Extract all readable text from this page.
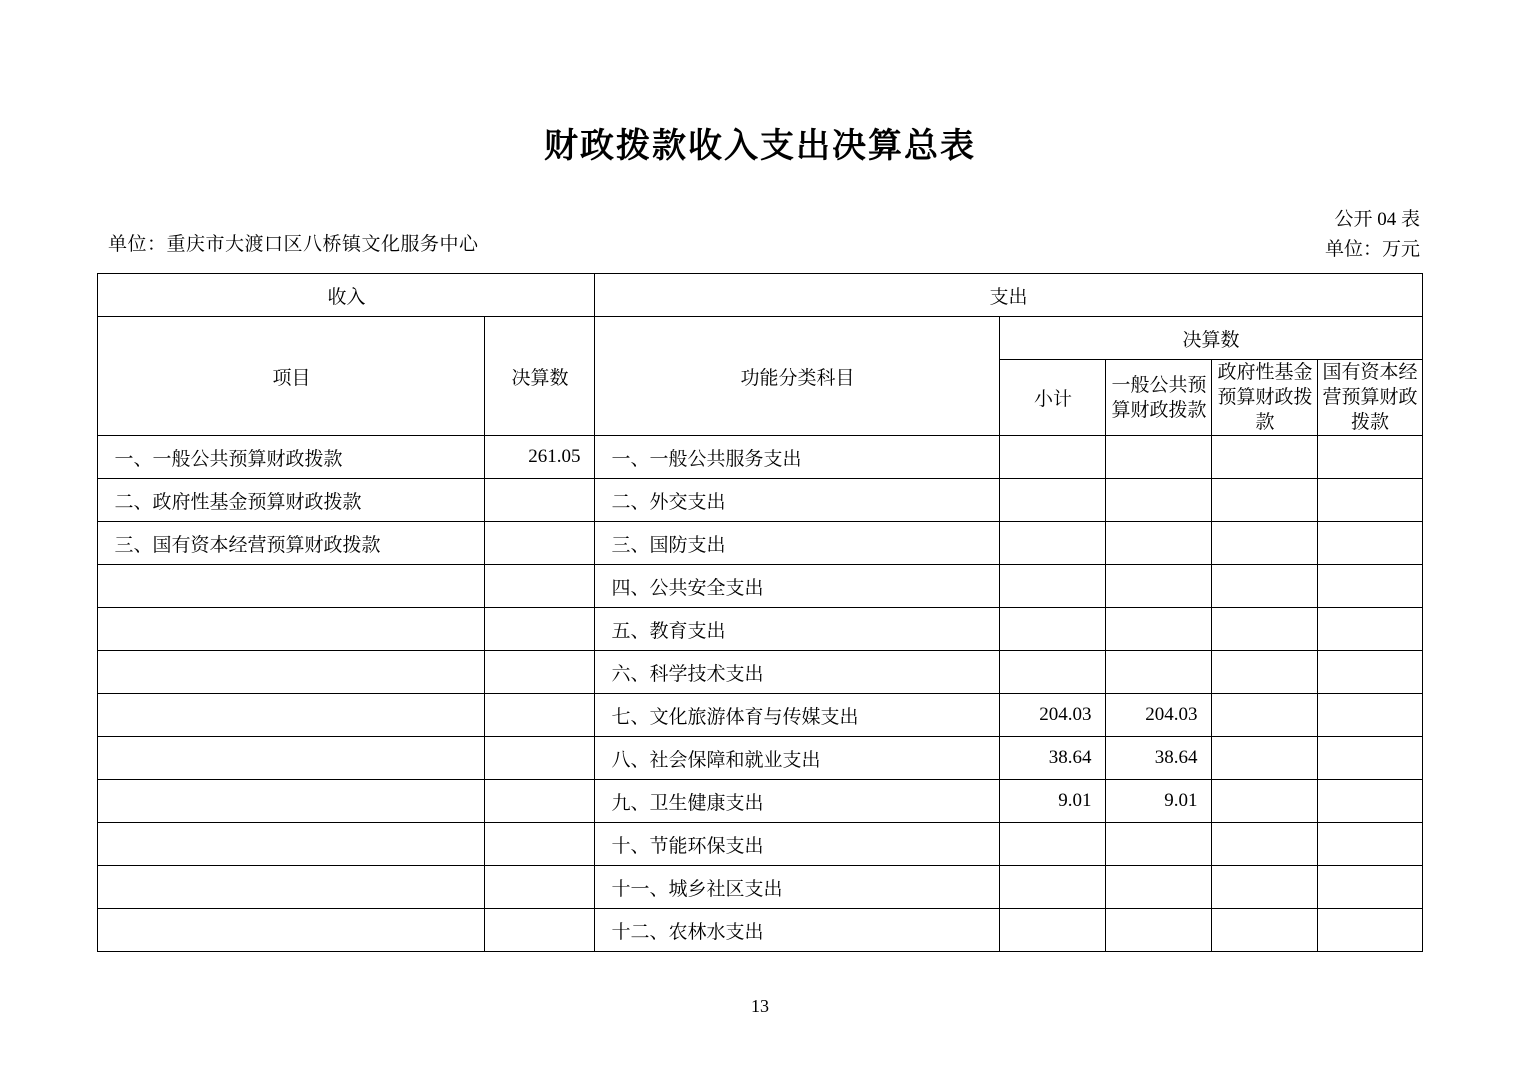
财政拨款收入支出决算总表
单位：重庆市大渡口区八桥镇文化服务中心
公开 04 表
单位：万元
收入		支出				
项目	决算数	功能分类科目	决算数			
			小计	一般公共预算财政拨款	政府性基金预算财政拨款	国有资本经营预算财政拨款
一、一般公共预算财政拨款	261.05	一、一般公共服务支出				
二、政府性基金预算财政拨款		二、外交支出				
三、国有资本经营预算财政拨款		三、国防支出				
		四、公共安全支出				
		五、教育支出				
		六、科学技术支出				
		七、文化旅游体育与传媒支出	204.03	204.03		
		八、社会保障和就业支出	38.64	38.64		
		九、卫生健康支出	9.01	9.01		
		十、节能环保支出				
		十一、城乡社区支出				
		十二、农林水支出				
13
